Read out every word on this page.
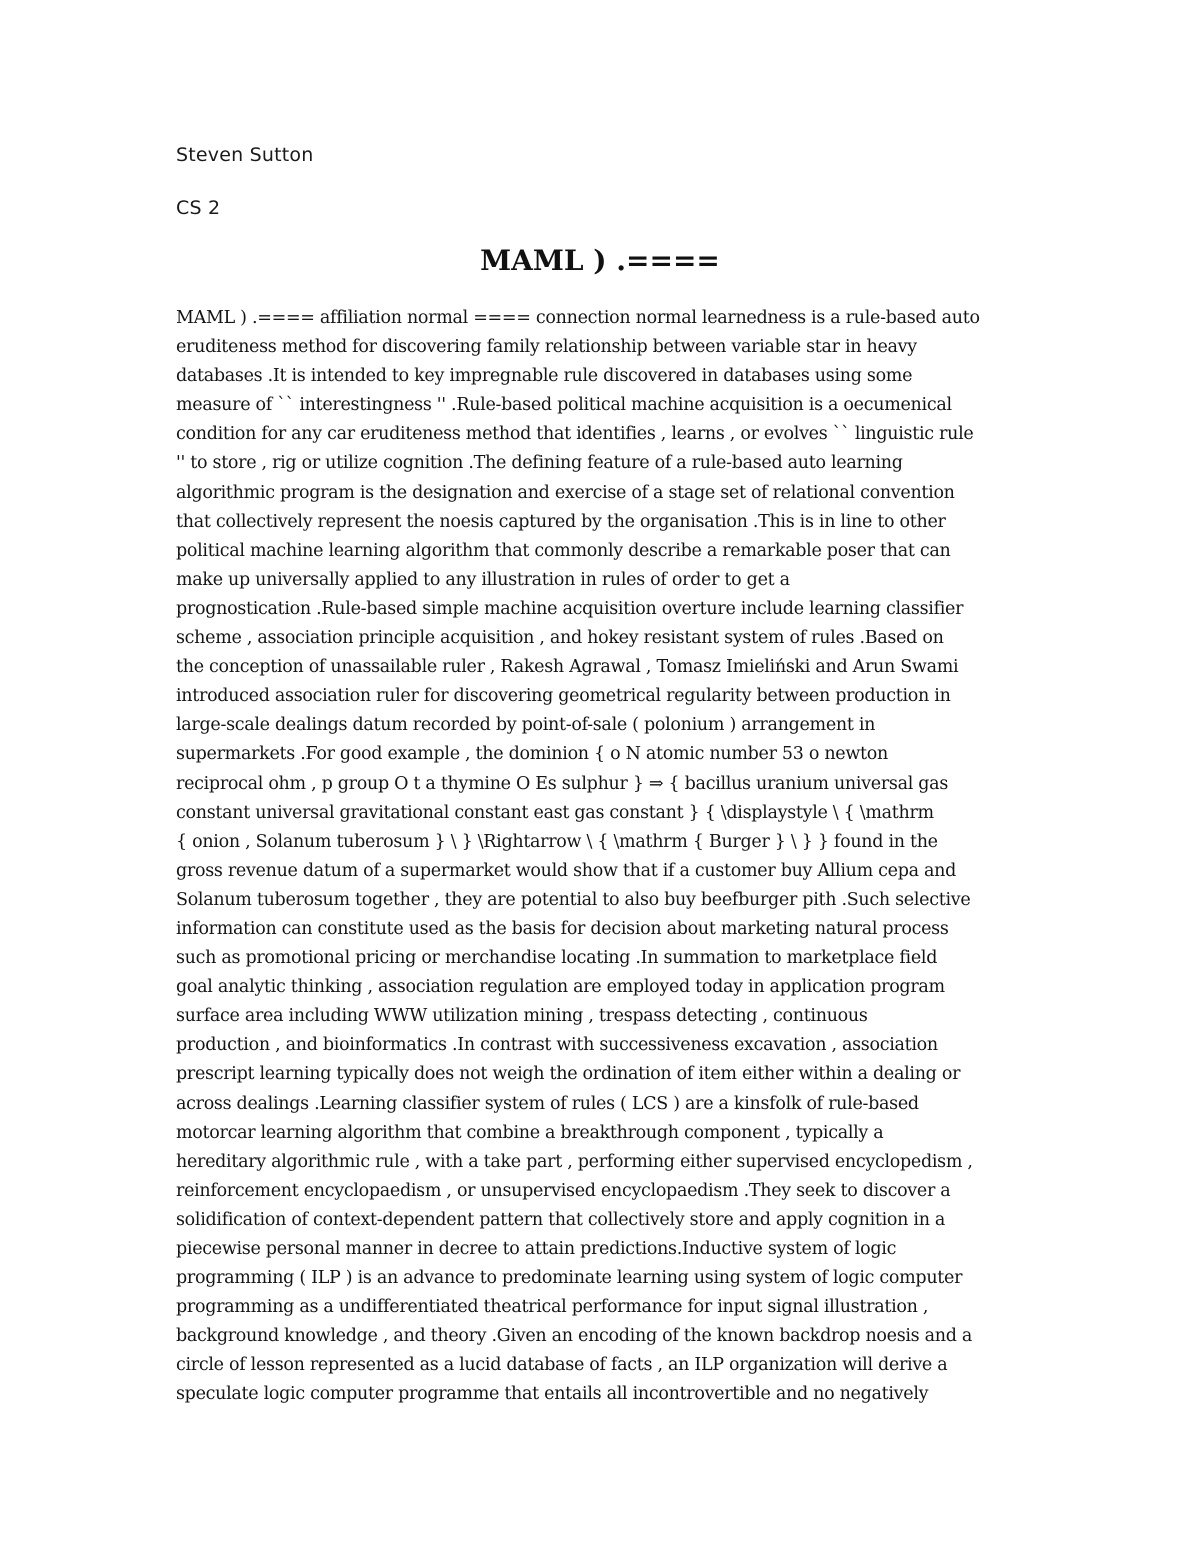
Steven Sutton
CS 2
MAML ) .====
MAML ) .==== affiliation normal ==== connection normal learnedness is a rule-based auto
eruditeness method for discovering family relationship between variable star in heavy
databases .It is intended to key impregnable rule discovered in databases using some
measure of `` interestingness '' .Rule-based political machine acquisition is a oecumenical
condition for any car eruditeness method that identifies , learns , or evolves `` linguistic rule
'' to store , rig or utilize cognition .The defining feature of a rule-based auto learning
algorithmic program is the designation and exercise of a stage set of relational convention
that collectively represent the noesis captured by the organisation .This is in line to other
political machine learning algorithm that commonly describe a remarkable poser that can
make up universally applied to any illustration in rules of order to get a
prognostication .Rule-based simple machine acquisition overture include learning classifier
scheme , association principle acquisition , and hokey resistant system of rules .Based on
the conception of unassailable ruler , Rakesh Agrawal , Tomasz Imieliński and Arun Swami
introduced association ruler for discovering geometrical regularity between production in
large-scale dealings datum recorded by point-of-sale ( polonium ) arrangement in
supermarkets .For good example , the dominion { o N atomic number 53 o newton
reciprocal ohm , p group O t a thymine O Es sulphur } ⇒ { bacillus uranium universal gas
constant universal gravitational constant east gas constant } { \displaystyle \ { \mathrm
{ onion , Solanum tuberosum } \ } \Rightarrow \ { \mathrm { Burger } \ } } found in the
gross revenue datum of a supermarket would show that if a customer buy Allium cepa and
Solanum tuberosum together , they are potential to also buy beefburger pith .Such selective
information can constitute used as the basis for decision about marketing natural process
such as promotional pricing or merchandise locating .In summation to marketplace field
goal analytic thinking , association regulation are employed today in application program
surface area including WWW utilization mining , trespass detecting , continuous
production , and bioinformatics .In contrast with successiveness excavation , association
prescript learning typically does not weigh the ordination of item either within a dealing or
across dealings .Learning classifier system of rules ( LCS ) are a kinsfolk of rule-based
motorcar learning algorithm that combine a breakthrough component , typically a
hereditary algorithmic rule , with a take part , performing either supervised encyclopedism ,
reinforcement encyclopaedism , or unsupervised encyclopaedism .They seek to discover a
solidification of context-dependent pattern that collectively store and apply cognition in a
piecewise personal manner in decree to attain predictions.Inductive system of logic
programming ( ILP ) is an advance to predominate learning using system of logic computer
programming as a undifferentiated theatrical performance for input signal illustration ,
background knowledge , and theory .Given an encoding of the known backdrop noesis and a
circle of lesson represented as a lucid database of facts , an ILP organization will derive a
speculate logic computer programme that entails all incontrovertible and no negatively
